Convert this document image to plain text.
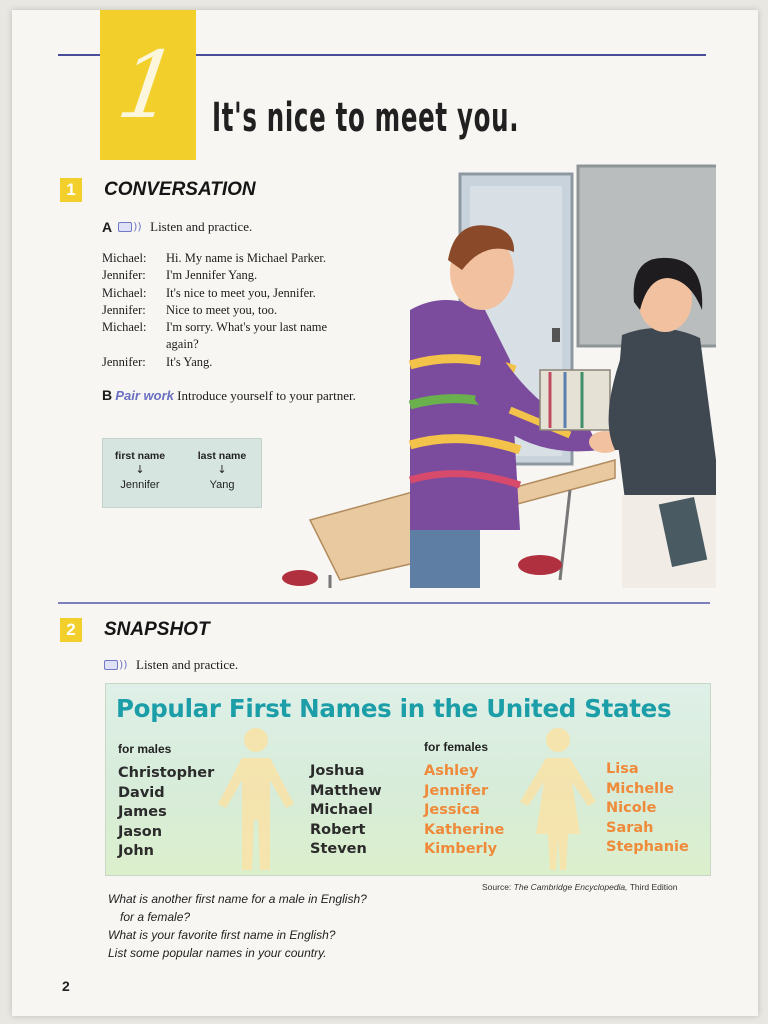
1 It's nice to meet you.
1	CONVERSATION
A )) Listen and practice.
Michael:	Hi. My name is Michael Parker.
Jennifer:	I'm Jennifer Yang.
Michael:	It's nice to meet you, Jennifer.
Jennifer:	Nice to meet you, too.
Michael:	I'm sorry. What's your last name again?
Jennifer:	It's Yang.
B Pair work Introduce yourself to your partner.
first name
↓
Jennifer
last name
↓
Yang
2	SNAPSHOT
)) Listen and practice.
Popular First Names in the United States
for males	for females
Christopher
David
James
Jason
John
Joshua
Matthew
Michael
Robert
Steven
Ashley
Jennifer
Jessica
Katherine
Kimberly
Lisa
Michelle
Nicole
Sarah
Stephanie
Source: The Cambridge Encyclopedia, Third Edition
What is another first name for a male in English?
for a female?
What is your favorite first name in English?
List some popular names in your country.
2
